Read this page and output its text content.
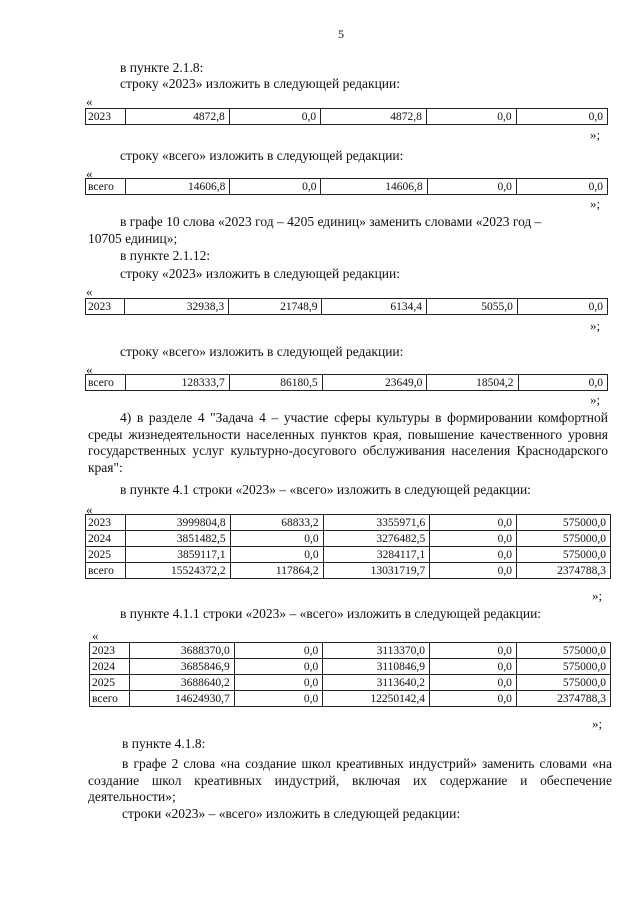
5
в пункте 2.1.8:
строку «2023» изложить в следующей редакции:
«
2023	4872,8	0,0	4872,8	0,0	0,0
»;
строку «всего» изложить в следующей редакции:
«
всего	14606,8	0,0	14606,8	0,0	0,0
»;
в графе 10 слова «2023 год – 4205 единиц» заменить словами «2023 год –
10705 единиц»;
в пункте 2.1.12:
строку «2023» изложить в следующей редакции:
«
2023	32938,3	21748,9	6134,4	5055,0	0,0
»;
строку «всего» изложить в следующей редакции:
«
всего	128333,7	86180,5	23649,0	18504,2	0,0
»;
4) в разделе 4 "Задача 4 – участие сферы культуры в формировании комфортной среды жизнедеятельности населенных пунктов края, повышение качественного уровня государственных услуг культурно-досугового обслуживания населения Краснодарского края":
в пункте 4.1 строки «2023» – «всего» изложить в следующей редакции:
«
2023	3999804,8	68833,2	3355971,6	0,0	575000,0
2024	3851482,5	0,0	3276482,5	0,0	575000,0
2025	3859117,1	0,0	3284117,1	0,0	575000,0
всего	15524372,2	117864,2	13031719,7	0,0	2374788,3
»;
в пункте 4.1.1 строки «2023» – «всего» изложить в следующей редакции:
«
2023	3688370,0	0,0	3113370,0	0,0	575000,0
2024	3685846,9	0,0	3110846,9	0,0	575000,0
2025	3688640,2	0,0	3113640,2	0,0	575000,0
всего	14624930,7	0,0	12250142,4	0,0	2374788,3
»;
в пункте 4.1.8:
в графе 2 слова «на создание школ креативных индустрий» заменить словами «на создание школ креативных индустрий, включая их содержание и обеспечение деятельности»;
строки «2023» – «всего» изложить в следующей редакции:
